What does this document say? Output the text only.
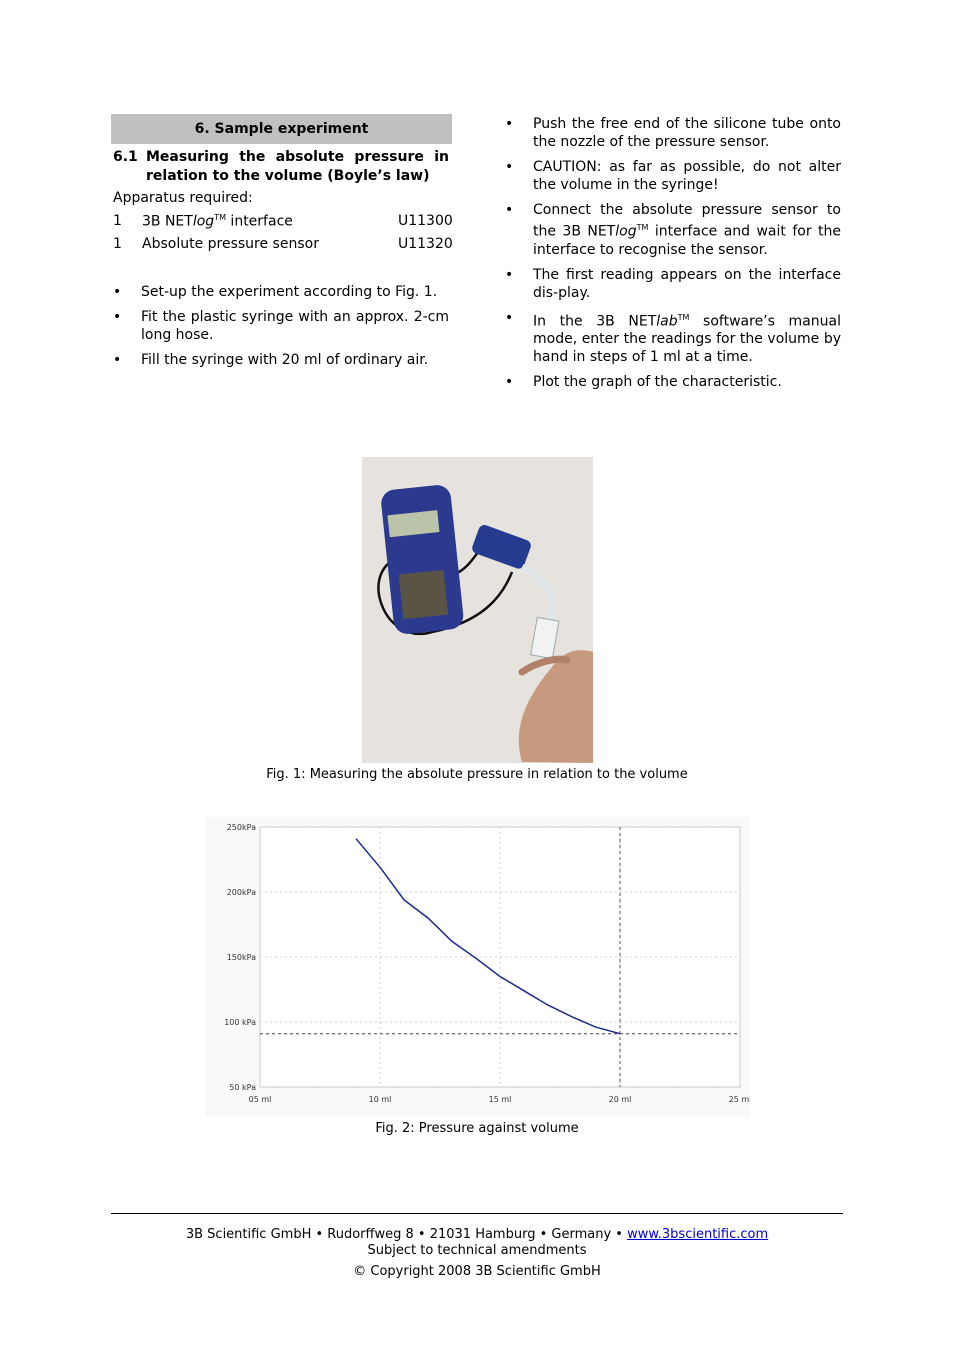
6. Sample experiment
6.1 Measuring the absolute pressure in relation to the volume (Boyle’s law)
Apparatus required:
1 3B NETlog™ interface	U11300
1 Absolute pressure sensor	U11320
• Set-up the experiment according to Fig. 1.
• Fit the plastic syringe with an approx. 2-cm long hose.
• Fill the syringe with 20 ml of ordinary air.
• Push the free end of the silicone tube onto the nozzle of the pressure sensor.
• CAUTION: as far as possible, do not alter the volume in the syringe!
• Connect the absolute pressure sensor to the 3B NETlog™ interface and wait for the interface to recognise the sensor.
• The first reading appears on the interface dis-play.
• In the 3B NETlab™ software’s manual mode, enter the readings for the volume by hand in steps of 1 ml at a time.
• Plot the graph of the characteristic.
Fig. 1: Measuring the absolute pressure in relation to the volume
05 ml	10 ml	15 ml	20 ml	25 ml
250kPa
200kPa
150kPa
100 kPa
50 kPa
Fig. 2: Pressure against volume
3B Scientific GmbH • Rudorffweg 8 • 21031 Hamburg • Germany • www.3bscientific.com
Subject to technical amendments
© Copyright 2008 3B Scientific GmbH
